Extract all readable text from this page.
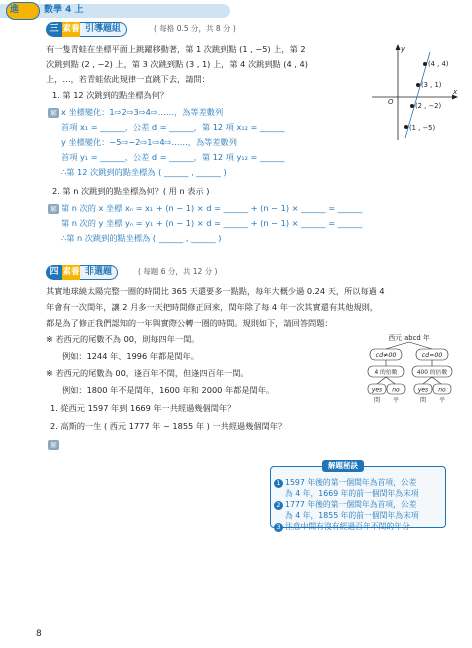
進	數學 4 上
三 素養 引導題組	( 每格 0.5 分，共 8 分 )
有一隻青蛙在坐標平面上跳躍移動著，第 1 次跳到點 (1 , −5) 上，第 2
次跳到點 (2 , −2) 上，第 3 次跳到點 (3 , 1) 上，第 4 次跳到點 (4 , 4)
上，…，若青蛙依此規律一直跳下去，請問：
1. 第 12 次跳到的點坐標為何？
解 x 坐標變化：1⇨2⇨3⇨4⇨……，為等差數列
首項 x₁ = ______，公差 d = ______，第 12 項 x₁₂ = ______
y 坐標變化：−5⇨−2⇨1⇨4⇨……，為等差數列
首項 y₁ = ______，公差 d = ______，第 12 項 y₁₂ = ______
∴第 12 次跳到的點坐標為 ( ______ , ______ )
2. 第 n 次跳到的點坐標為何？( 用 n 表示 )
解 第 n 次的 x 坐標 xₙ = x₁ + (n − 1) × d = ______ + (n − 1) × ______ = ______
第 n 次的 y 坐標 yₙ = y₁ + (n − 1) × d = ______ + (n − 1) × ______ = ______
∴第 n 次跳到的點坐標為 ( ______ , ______ )
x
y
O
(4 , 4)
(3 , 1)
(2 , −2)
(1 , −5)
四 素養 非選題	( 每題 6 分，共 12 分 )
其實地球繞太陽完整一圈的時間比 365 天還要多一點點，每年大概少過 0.24 天，所以每過 4
年會有一次閏年，讓 2 月多一天把時間修正回來，閏年除了每 4 年一次其實還有其他規則，
都是為了修正我們認知的一年與實際公轉一圈的時間。規則如下，請回答問題：
※ 若西元的尾數不為 00，則每四年一閏。
例如：1244 年、1996 年都是閏年。
※ 若西元的尾數為 00，逢百年不閏，但逢四百年一閏。
例如：1800 年不是閏年，1600 年和 2000 年都是閏年。
1. 從西元 1597 年到 1669 年一共經過幾個閏年？
2. 高斯的一生 ( 西元 1777 年 ~ 1855 年 ) 一共經過幾個閏年？
解
西元 abcd 年
cd≠00	cd=00
4 的倍數	400 的倍數
yes no	yes no
閏 平	閏 平
解題秘訣
1 1597 年後的第一個閏年為首項，公差
為 4 年，1669 年的前一個閏年為末項
2 1777 年後的第一個閏年為首項，公差
為 4 年，1855 年的前一個閏年為末項
3 注意中間有沒有經過百年不閏的年分
8
